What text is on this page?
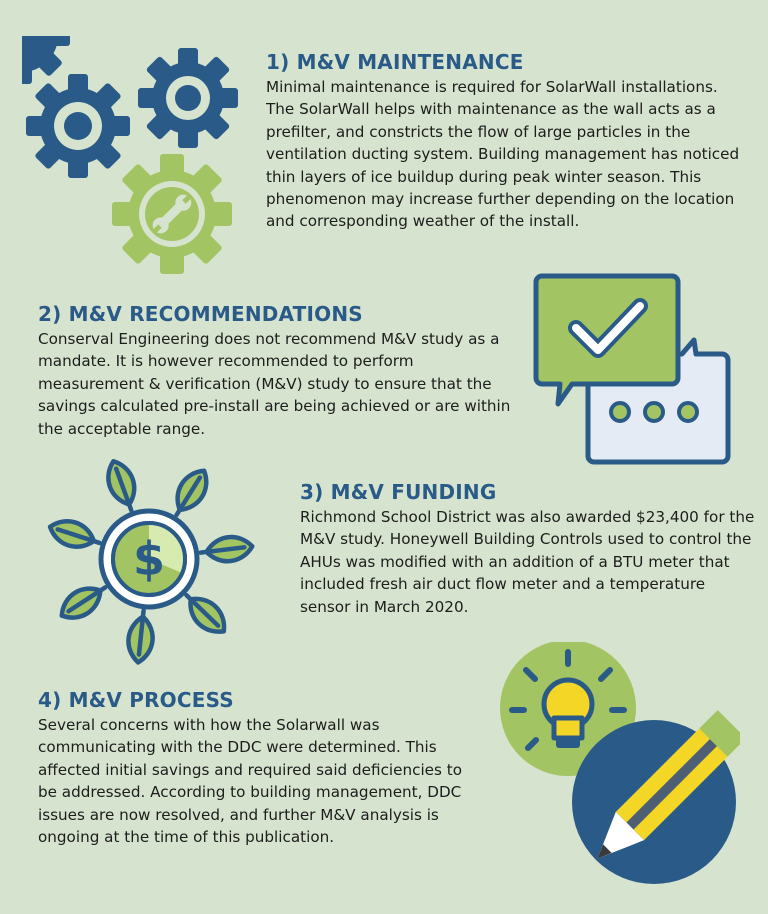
1) M&V MAINTENANCE

Minimal maintenance is required for SolarWall installations. The SolarWall helps with maintenance as the wall acts as a prefilter, and constricts the flow of large particles in the ventilation ducting system. Building management has noticed thin layers of ice buildup during peak winter season. This phenomenon may increase further depending on the location and corresponding weather of the install.

2) M&V RECOMMENDATIONS

Conserval Engineering does not recommend M&V study as a mandate. It is however recommended to perform measurement & verification (M&V) study to ensure that the savings calculated pre-install are being achieved or are within the acceptable range.

$
3) M&V FUNDING

Richmond School District was also awarded $23,400 for the M&V study. Honeywell Building Controls used to control the AHUs was modified with an addition of a BTU meter that included fresh air duct flow meter and a temperature sensor in March 2020.

4) M&V PROCESS

Several concerns with how the Solarwall was communicating with the DDC were determined. This affected initial savings and required said deficiencies to be addressed. According to building management, DDC issues are now resolved, and further M&V analysis is ongoing at the time of this publication.
